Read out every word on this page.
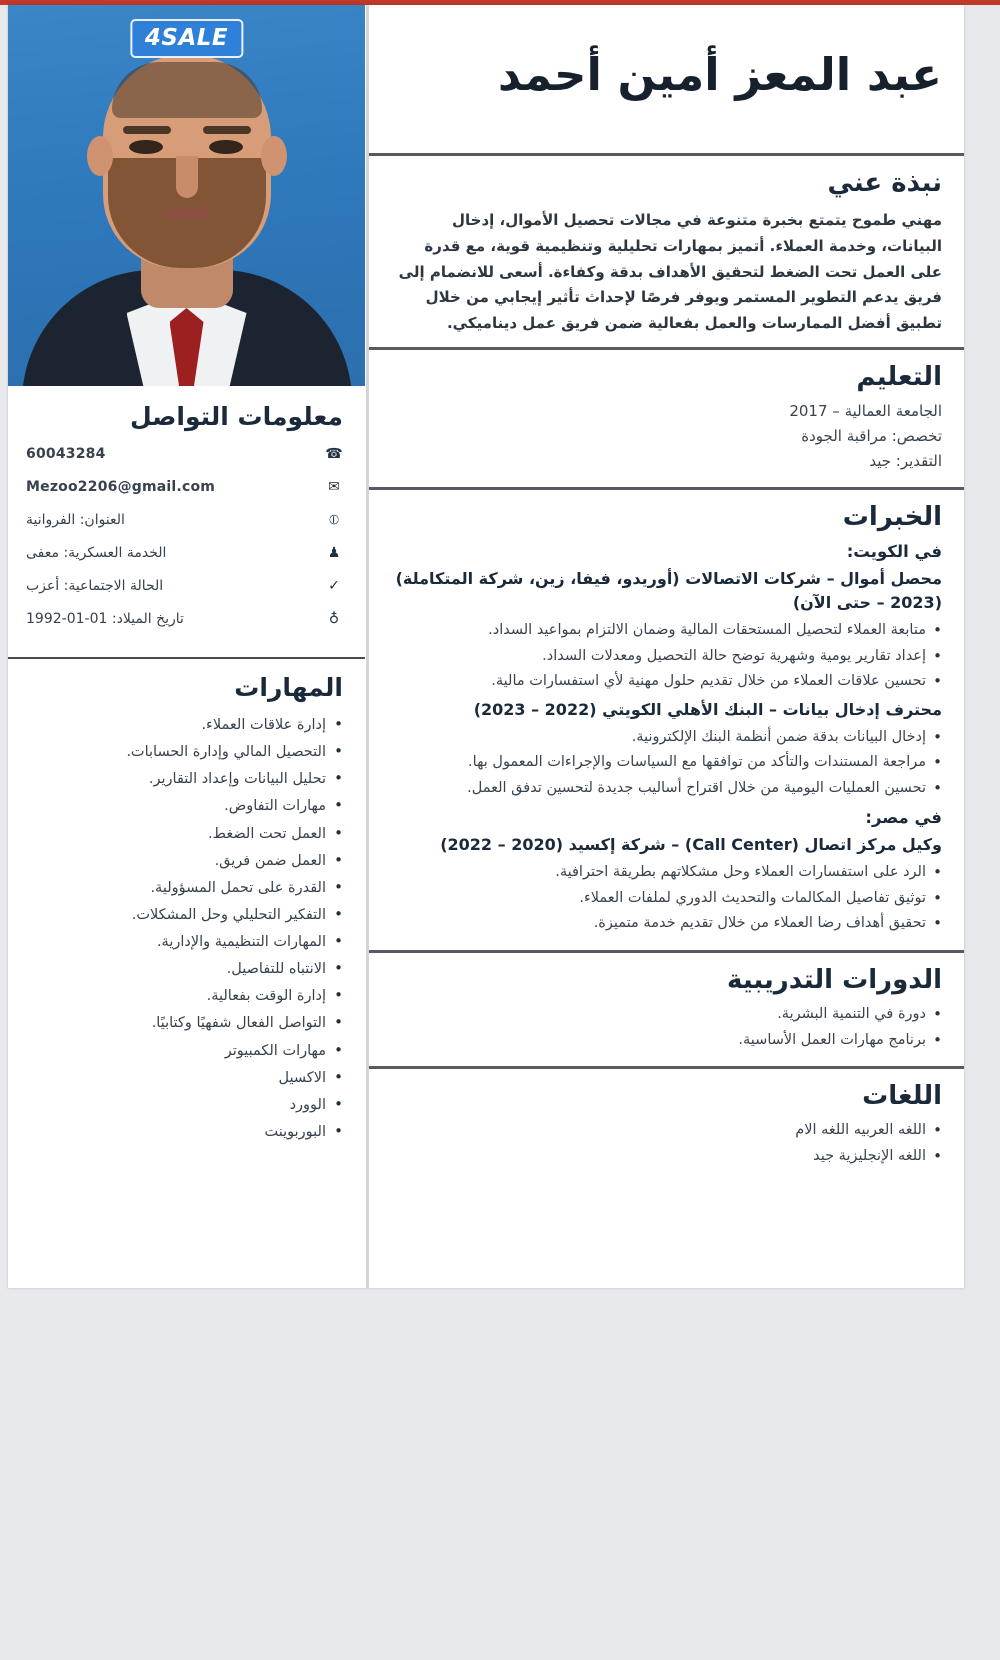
4SALE
معلومات التواصل
☎
60043284
✉
Mezoo2206@gmail.com
⦶
العنوان: الفروانية
♟
الخدمة العسكرية: معفى
✓
الحالة الاجتماعية: أعزب
♁
تاريخ الميلاد: 01-01-1992
المهارات
• إدارة علاقات العملاء.
• التحصيل المالي وإدارة الحسابات.
• تحليل البيانات وإعداد التقارير.
• مهارات التفاوض.
• العمل تحت الضغط.
• العمل ضمن فريق.
• القدرة على تحمل المسؤولية.
• التفكير التحليلي وحل المشكلات.
• المهارات التنظيمية والإدارية.
• الانتباه للتفاصيل.
• إدارة الوقت بفعالية.
• التواصل الفعال شفهيًا وكتابيًا.
• مهارات الكمبيوتر
• الاكسيل
• الوورد
• البوربوينت
عبد المعز أمين أحمد
نبذة عني

مهني طموح يتمتع بخبرة متنوعة في مجالات تحصيل الأموال، إدخال البيانات، وخدمة العملاء. أتميز بمهارات تحليلية وتنظيمية قوية، مع قدرة على العمل تحت الضغط لتحقيق الأهداف بدقة وكفاءة. أسعى للانضمام إلى فريق يدعم التطوير المستمر ويوفر فرصًا لإحداث تأثير إيجابي من خلال تطبيق أفضل الممارسات والعمل بفعالية ضمن فريق عمل ديناميكي.

التعليم
الجامعة العمالية – 2017
تخصص: مراقبة الجودة
التقدير: جيد
الخبرات
في الكويت:
محصل أموال – شركات الاتصالات (أوريدو، فيفا، زين، شركة المتكاملة) (2023 – حتى الآن)
• متابعة العملاء لتحصيل المستحقات المالية وضمان الالتزام بمواعيد السداد.
• إعداد تقارير يومية وشهرية توضح حالة التحصيل ومعدلات السداد.
• تحسين علاقات العملاء من خلال تقديم حلول مهنية لأي استفسارات مالية.
محترف إدخال بيانات – البنك الأهلي الكويتي (2022 – 2023)
• إدخال البيانات بدقة ضمن أنظمة البنك الإلكترونية.
• مراجعة المستندات والتأكد من توافقها مع السياسات والإجراءات المعمول بها.
• تحسين العمليات اليومية من خلال اقتراح أساليب جديدة لتحسين تدفق العمل.
في مصر:
وكيل مركز اتصال (Call Center) – شركة إكسيد (2020 – 2022)
• الرد على استفسارات العملاء وحل مشكلاتهم بطريقة احترافية.
• توثيق تفاصيل المكالمات والتحديث الدوري لملفات العملاء.
• تحقيق أهداف رضا العملاء من خلال تقديم خدمة متميزة.
الدورات التدريبية
• دورة في التنمية البشرية.
• برنامج مهارات العمل الأساسية.
اللغات
• اللغه العربيه اللغه الام
• اللغه الإنجليزية جيد
